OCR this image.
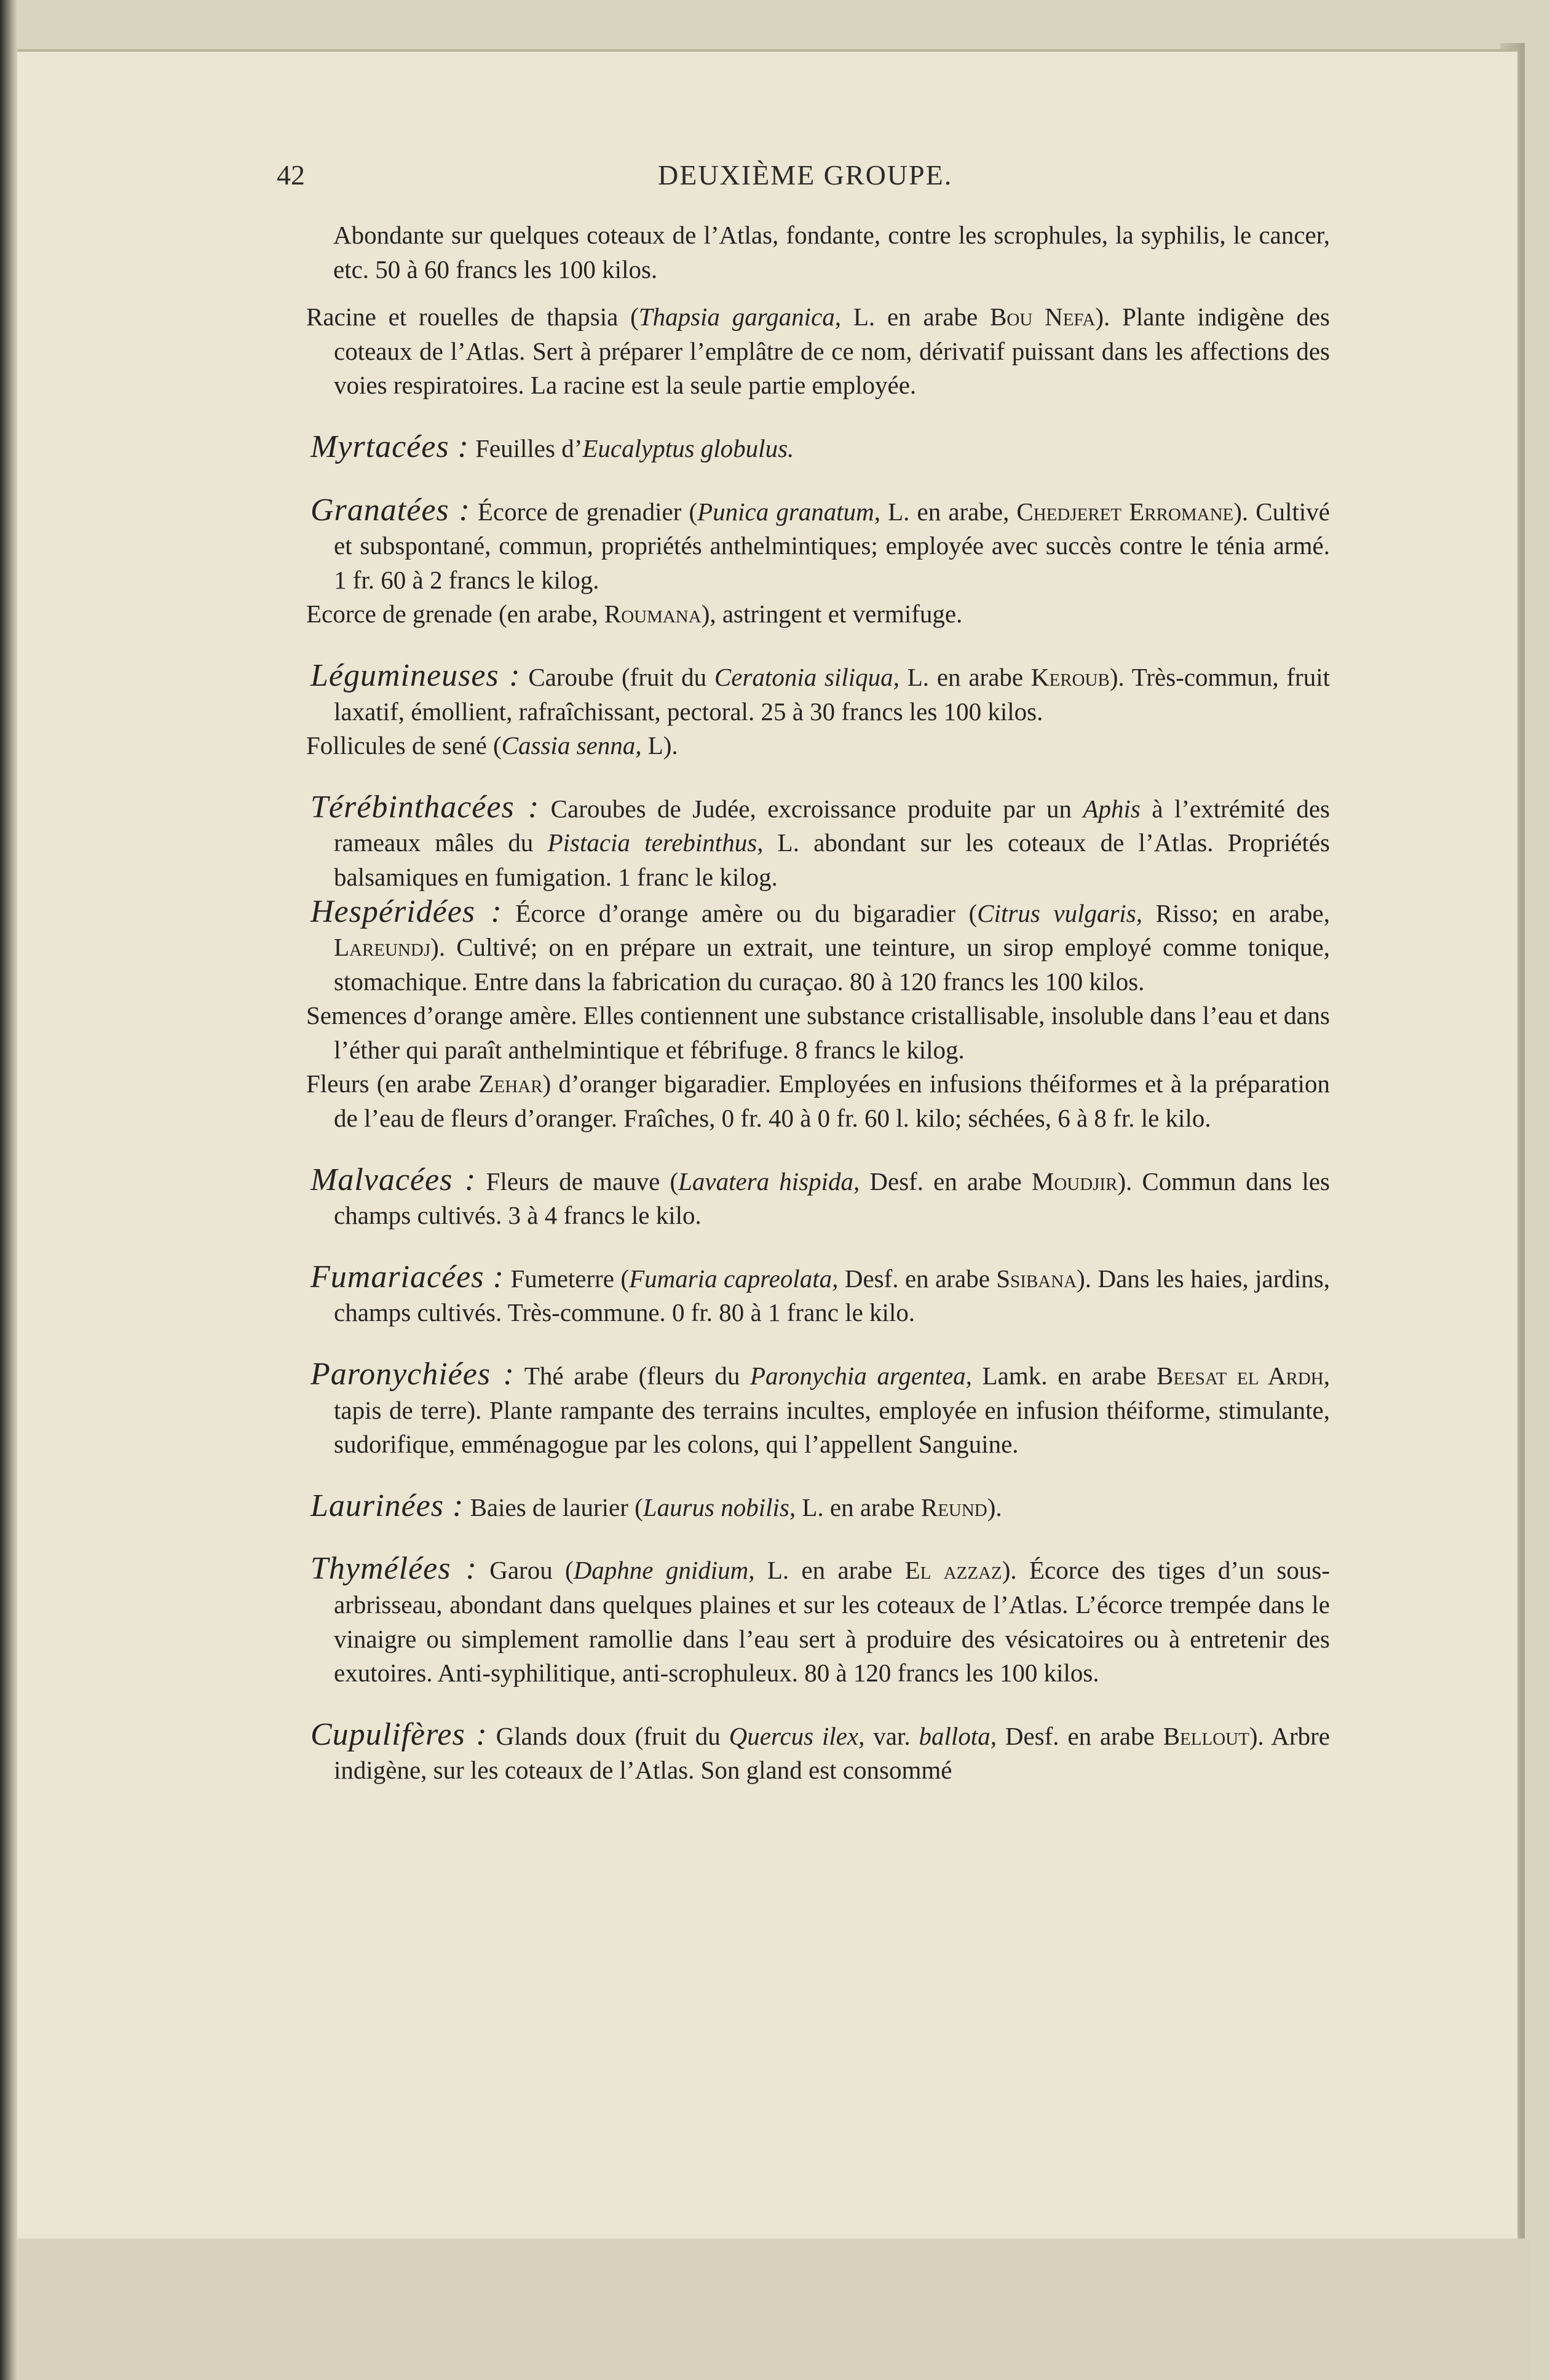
42	DEUXIÈME GROUPE.

Abondante sur quelques coteaux de l’Atlas, fondante, contre les scrophules, la syphilis, le cancer, etc. 50 à 60 francs les 100 kilos.

Racine et rouelles de thapsia (Thapsia garganica, L. en arabe Bou Nefa). Plante indigène des coteaux de l’Atlas. Sert à préparer l’emplâtre de ce nom, dérivatif puissant dans les affections des voies respiratoires. La racine est la seule partie employée.

Myrtacées : Feuilles d’Eucalyptus globulus.

Granatées : Écorce de grenadier (Punica granatum, L. en arabe, Chedjeret Erromane). Cultivé et subspontané, commun, propriétés anthelmintiques; employée avec succès contre le ténia armé. 1 fr. 60 à 2 francs le kilog.

Ecorce de grenade (en arabe, Roumana), astringent et vermifuge.

Légumineuses : Caroube (fruit du Ceratonia siliqua, L. en arabe Keroub). Très-commun, fruit laxatif, émollient, rafraîchissant, pectoral. 25 à 30 francs les 100 kilos.

Follicules de sené (Cassia senna, L).

Térébinthacées : Caroubes de Judée, excroissance produite par un Aphis à l’extrémité des rameaux mâles du Pistacia terebinthus, L. abondant sur les coteaux de l’Atlas. Propriétés balsamiques en fumigation. 1 franc le kilog.

Hespéridées : Écorce d’orange amère ou du bigaradier (Citrus vulgaris, Risso; en arabe, Lareundj). Cultivé; on en prépare un extrait, une teinture, un sirop employé comme tonique, stomachique. Entre dans la fabrication du curaçao. 80 à 120 francs les 100 kilos.

Semences d’orange amère. Elles contiennent une substance cristallisable, insoluble dans l’eau et dans l’éther qui paraît anthelmintique et fébrifuge. 8 francs le kilog.

Fleurs (en arabe Zehar) d’oranger bigaradier. Employées en infusions théiformes et à la préparation de l’eau de fleurs d’oranger. Fraîches, 0 fr. 40 à 0 fr. 60 l. kilo; séchées, 6 à 8 fr. le kilo.

Malvacées : Fleurs de mauve (Lavatera hispida, Desf. en arabe Moudjir). Commun dans les champs cultivés. 3 à 4 francs le kilo.

Fumariacées : Fumeterre (Fumaria capreolata, Desf. en arabe Ssibana). Dans les haies, jardins, champs cultivés. Très-commune. 0 fr. 80 à 1 franc le kilo.

Paronychiées : Thé arabe (fleurs du Paronychia argentea, Lamk. en arabe Beesat el Ardh, tapis de terre). Plante rampante des terrains incultes, employée en infusion théiforme, stimulante, sudorifique, emménagogue par les colons, qui l’appellent Sanguine.

Laurinées : Baies de laurier (Laurus nobilis, L. en arabe Reund).

Thymélées : Garou (Daphne gnidium, L. en arabe El azzaz). Écorce des tiges d’un sous-arbrisseau, abondant dans quelques plaines et sur les coteaux de l’Atlas. L’écorce trempée dans le vinaigre ou simplement ramollie dans l’eau sert à produire des vésicatoires ou à entretenir des exutoires. Anti-syphilitique, anti-scrophuleux. 80 à 120 francs les 100 kilos.

Cupulifères : Glands doux (fruit du Quercus ilex, var. ballota, Desf. en arabe Bellout). Arbre indigène, sur les coteaux de l’Atlas. Son gland est consommé
